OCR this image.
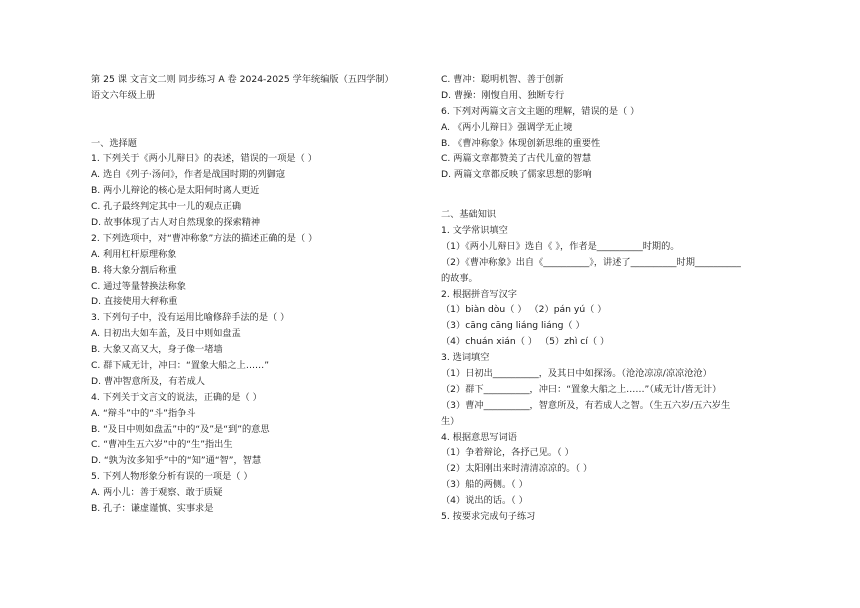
第 25 课 文言文二则 同步练习 A 卷 2024-2025 学年统编版（五四学制）
语文六年级上册
一、选择题
1. 下列关于《两小儿辩日》的表述，错误的一项是（ ）
A. 选自《列子·汤问》，作者是战国时期的列御寇
B. 两小儿辩论的核心是太阳何时离人更近
C. 孔子最终判定其中一儿的观点正确
D. 故事体现了古人对自然现象的探索精神
2. 下列选项中，对“曹冲称象”方法的描述正确的是（ ）
A. 利用杠杆原理称象
B. 将大象分割后称重
C. 通过等量替换法称象
D. 直接使用大秤称重
3. 下列句子中，没有运用比喻修辞手法的是（ ）
A. 日初出大如车盖，及日中则如盘盂
B. 大象又高又大，身子像一堵墙
C. 群下咸无计，冲曰：“置象大船之上……”
D. 曹冲智意所及，有若成人
4. 下列关于文言文的说法，正确的是（ ）
A. “辩斗”中的“斗”指争斗
B. “及日中则如盘盂”中的“及”是“到”的意思
C. “曹冲生五六岁”中的“生”指出生
D. “孰为汝多知乎”中的“知”通“智”，智慧
5. 下列人物形象分析有误的一项是（ ）
A. 两小儿：善于观察、敢于质疑
B. 孔子：谦虚谨慎、实事求是
C. 曹冲：聪明机智、善于创新
D. 曹操：刚愎自用、独断专行
6. 下列对两篇文言文主题的理解，错误的是（ ）
A. 《两小儿辩日》强调学无止境
B. 《曹冲称象》体现创新思维的重要性
C. 两篇文章都赞美了古代儿童的智慧
D. 两篇文章都反映了儒家思想的影响
二、基础知识
1. 文学常识填空
（1）《两小儿辩日》选自《 》，作者是__________时期的。
（2）《曹冲称象》出自《__________》，讲述了__________时期__________
的故事。
2. 根据拼音写汉字
（1）biàn dòu（ ） （2）pán yú（ ）
（3）cāng cāng liáng liáng（ ）
（4）chuán xián（ ） （5）zhì cí（ ）
3. 选词填空
（1）日初出__________，及其日中如探汤。（沧沧凉凉/凉凉沧沧）
（2）群下__________，冲曰：“置象大船之上……”（咸无计/皆无计）
（3）曹冲__________，智意所及，有若成人之智。（生五六岁/五六岁生
生）
4. 根据意思写词语
（1）争着辩论，各抒己见。（ ）
（2）太阳刚出来时清清凉凉的。（ ）
（3）船的两侧。（ ）
（4）说出的话。（ ）
5. 按要求完成句子练习
